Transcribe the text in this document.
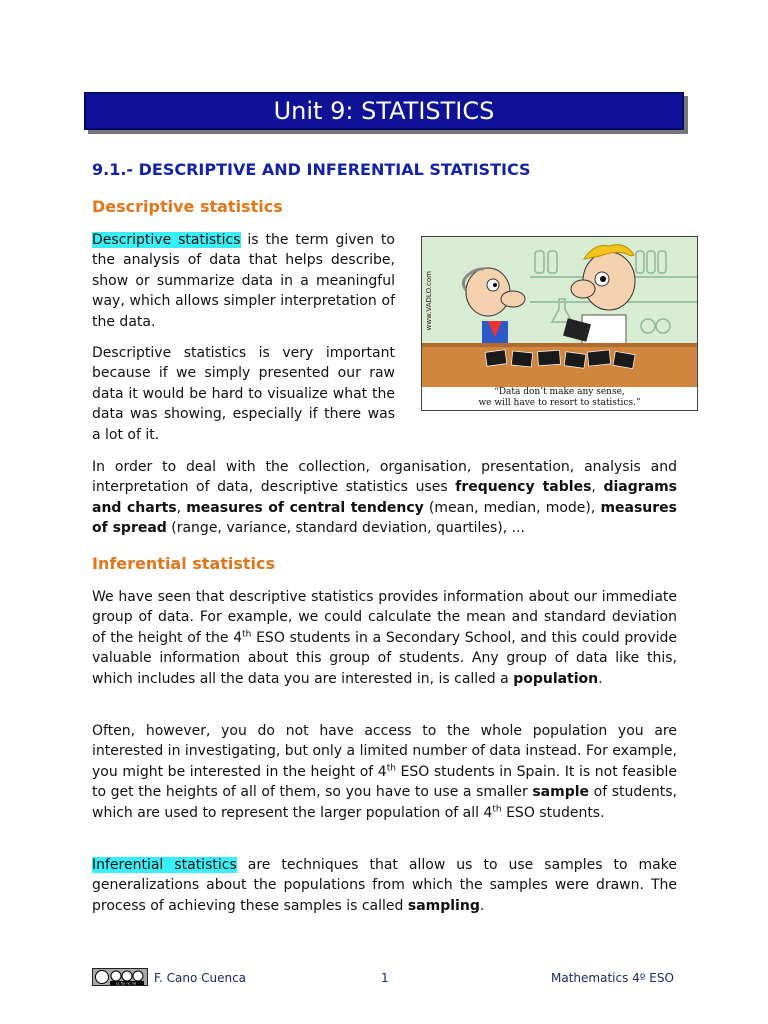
Unit 9: STATISTICS
9.1.- DESCRIPTIVE AND INFERENTIAL STATISTICS
Descriptive statistics

Descriptive statistics is the term given to the analysis of data that helps describe, show or summarize data in a meaningful way, which allows simpler interpretation of the data.

Descriptive statistics is very important because if we simply presented our raw data it would be hard to visualize what the data was showing, especially if there was a lot of it.

In order to deal with the collection, organisation, presentation, analysis and interpretation of data, descriptive statistics uses frequency tables, diagrams and charts, measures of central tendency (mean, median, mode), measures of spread (range, variance, standard deviation, quartiles), ...

www.VADLO.com
“Data don’t make any sense,
we will have to resort to statistics.”
Inferential statistics

We have seen that descriptive statistics provides information about our immediate group of data. For example, we could calculate the mean and standard deviation of the height of the 4th ESO students in a Secondary School, and this could provide valuable information about this group of students. Any group of data like this, which includes all the data you are interested in, is called a population.

Often, however, you do not have access to the whole population you are interested in investigating, but only a limited number of data instead. For example, you might be interested in the height of 4th ESO students in Spain. It is not feasible to get the heights of all of them, so you have to use a smaller sample of students, which are used to represent the larger population of all 4th ESO students.

Inferential statistics are techniques that allow us to use samples to make generalizations about the populations from which the samples were drawn. The process of achieving these samples is called sampling.

cc by nc nd F. Cano Cuenca	1	Mathematics 4º ESO
